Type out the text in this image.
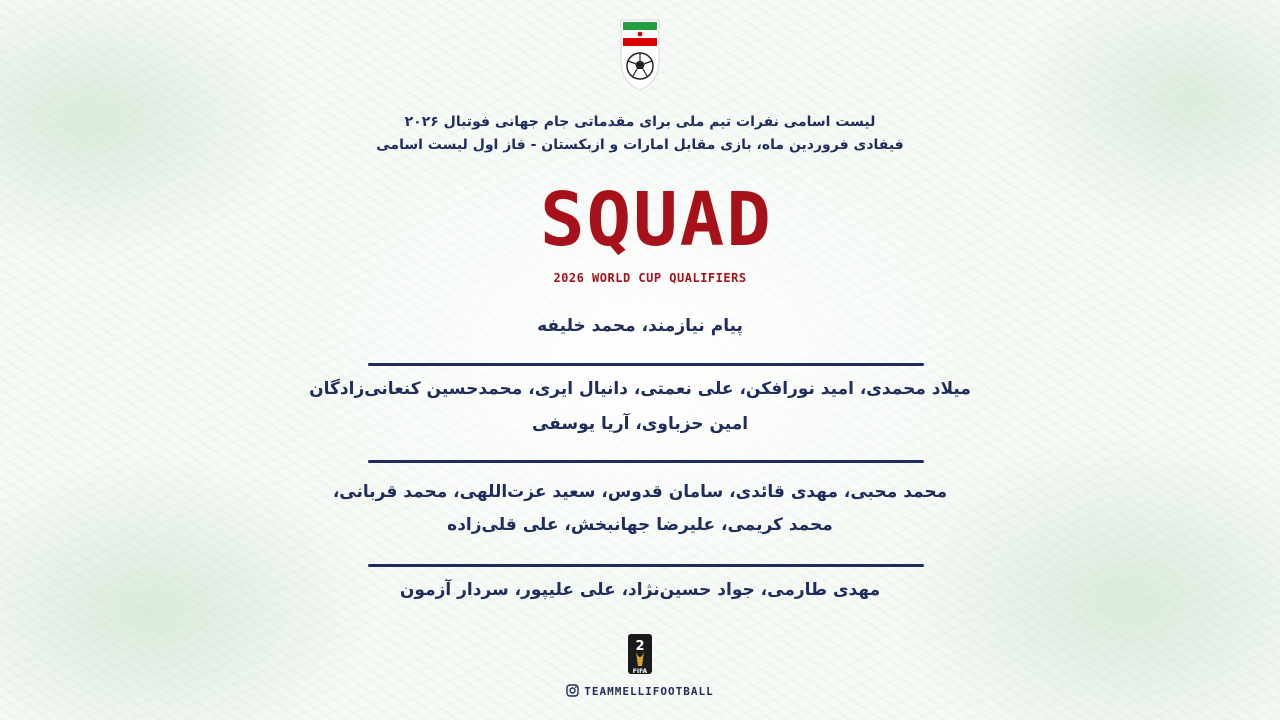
لیست اسامی نفرات تیم ملی برای مقدماتی جام جهانی فوتبال ۲۰۲۶
فیفادی فروردین ماه، بازی مقابل امارات و ازبکستان - فاز اول لیست اسامی
SQUAD
2026 WORLD CUP QUALIFIERS
پیام نیازمند، محمد خلیفه
میلاد محمدی، امید نورافکن، علی نعمتی، دانیال ایری، محمدحسین کنعانی‌زادگان
امین حزباوی، آریا یوسفی
محمد محبی، مهدی قائدی، سامان قدوس، سعید عزت‌اللهی، محمد قربانی،
محمد کریمی، علیرضا جهانبخش، علی قلی‌زاده
مهدی طارمی، جواد حسین‌نژاد، علی علیپور، سردار آزمون
2
FIFA
TEAMMELLIFOOTBALL
